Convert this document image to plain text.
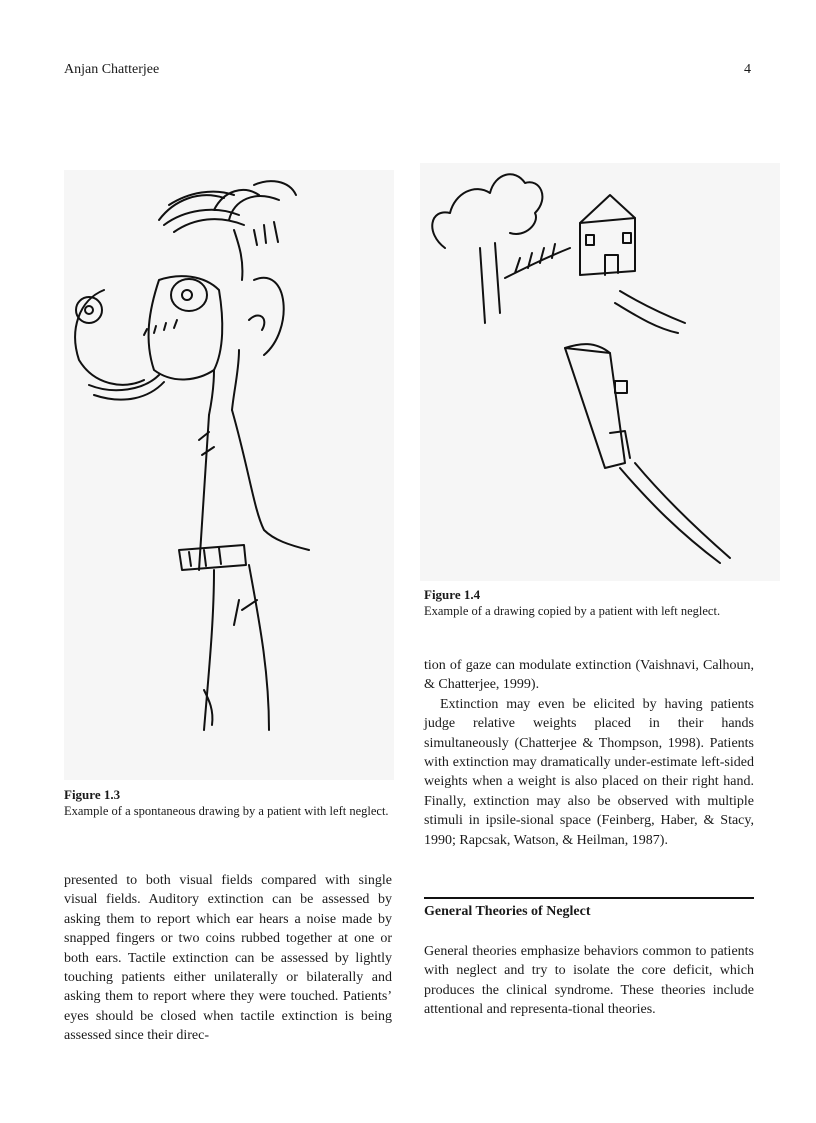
Anjan Chatterjee	4

Figure 1.3

Example of a spontaneous drawing by a patient with left neglect.

Figure 1.4

Example of a drawing copied by a patient with left neglect.

presented to both visual fields compared with single visual fields. Auditory extinction can be assessed by asking them to report which ear hears a noise made by snapped fingers or two coins rubbed together at one or both ears. Tactile extinction can be assessed by lightly touching patients either unilaterally or bilaterally and asking them to report where they were touched. Patients’ eyes should be closed when tactile extinction is being assessed since their direc-

tion of gaze can modulate extinction (Vaishnavi, Calhoun, & Chatterjee, 1999).

Extinction may even be elicited by having patients judge relative weights placed in their hands simultaneously (Chatterjee & Thompson, 1998). Patients with extinction may dramatically under-estimate left-sided weights when a weight is also placed on their right hand. Finally, extinction may also be observed with multiple stimuli in ipsile-sional space (Feinberg, Haber, & Stacy, 1990; Rapcsak, Watson, & Heilman, 1987).

General Theories of Neglect

General theories emphasize behaviors common to patients with neglect and try to isolate the core deficit, which produces the clinical syndrome. These theories include attentional and representa-tional theories.
